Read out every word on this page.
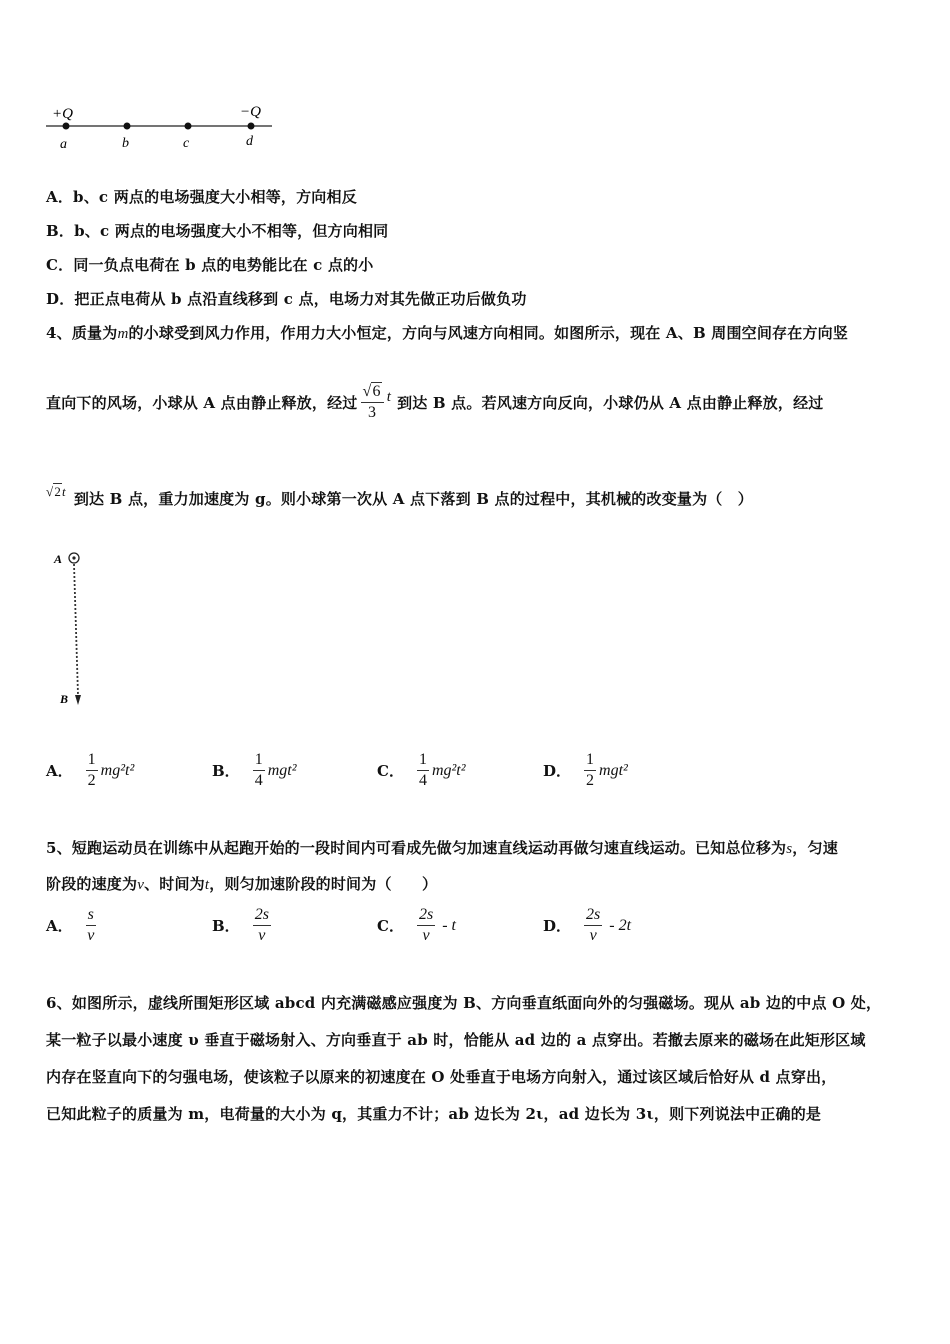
+Q	−Q
a	b	c	d
A．b、c 两点的电场强度大小相等，方向相反
B．b、c 两点的电场强度大小不相等，但方向相同
C．同一负点电荷在 b 点的电势能比在 c 点的小
D．把正点电荷从 b 点沿直线移到 c 点，电场力对其先做正功后做负功
4、质量为m的小球受到风力作用，作用力大小恒定，方向与风速方向相同。如图所示，现在 A、B 周围空间存在方向竖
直向下的风场，小球从 A 点由静止释放，经过 $\frac{√6}{3}$ t 到达 B 点。若风速方向反向，小球仍从 A 点由静止释放，经过
√2 t 到达 B 点，重力加速度为 g。则小球第一次从 A 点下落到 B 点的过程中，其机械的改变量为（　）
A
B
A． $\frac{1}{2} mg^2t^2$	B． $\frac{1}{4} mgt^2$	C． $\frac{1}{4} mg^2t^2$	D． $\frac{1}{2} mgt^2$
5、短跑运动员在训练中从起跑开始的一段时间内可看成先做匀加速直线运动再做匀速直线运动。已知总位移为s，匀速
阶段的速度为v、时间为t，则匀加速阶段的时间为（　　）
A． $\frac{s}{v}$	B． $\frac{2s}{v}$	C． $\frac{2s}{v}$ - t	D． $\frac{2s}{v} - 2t$
6、如图所示，虚线所围矩形区域 abcd 内充满磁感应强度为 B、方向垂直纸面向外的匀强磁场。现从 ab 边的中点 O 处，
某一粒子以最小速度 υ 垂直于磁场射入、方向垂直于 ab 时，恰能从 ad 边的 a 点穿出。若撤去原来的磁场在此矩形区域
内存在竖直向下的匀强电场，使该粒子以原来的初速度在 O 处垂直于电场方向射入，通过该区域后恰好从 d 点穿出，
已知此粒子的质量为 m，电荷量的大小为 q，其重力不计；ab 边长为 2ι，ad 边长为 3ι，则下列说法中正确的是
